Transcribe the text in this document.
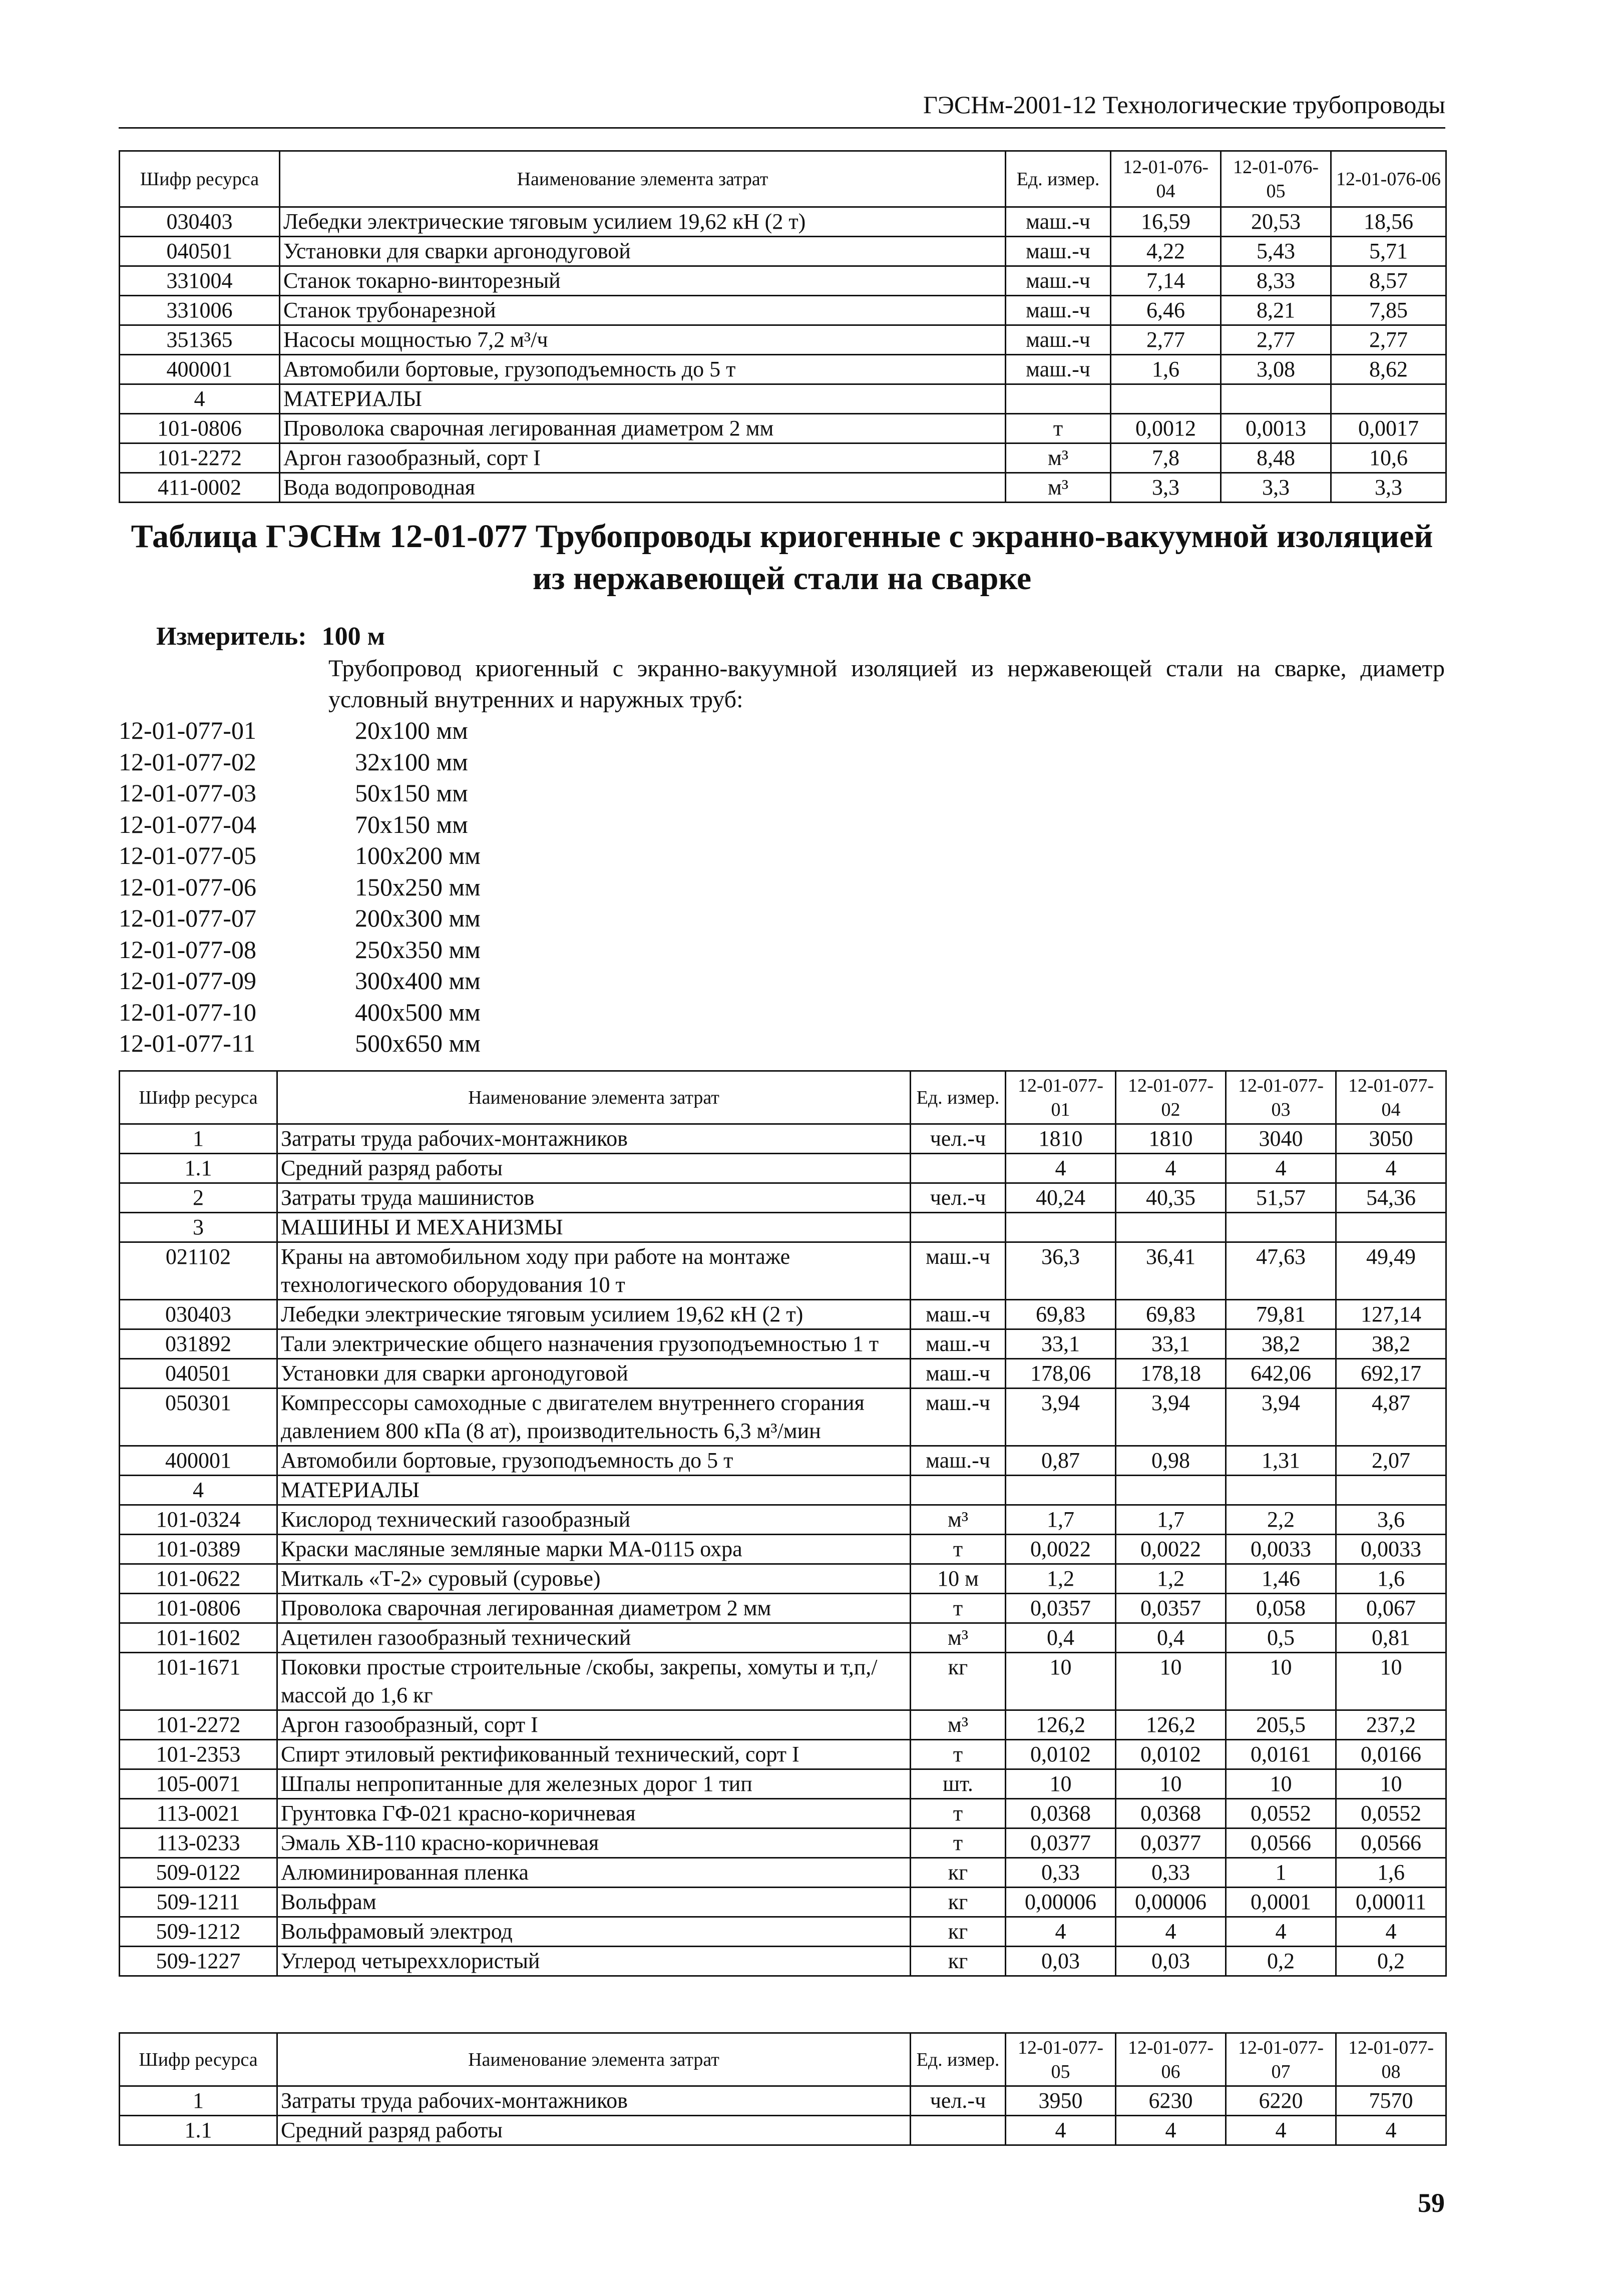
ГЭСНм-2001-12 Технологические трубопроводы
Шифр ресурса	Наименование элемента затрат	Ед. измер.	12-01-076-04	12-01-076-05	12-01-076-06
030403	Лебедки электрические тяговым усилием 19,62 кН (2 т)	маш.-ч	16,59	20,53	18,56
040501	Установки для сварки аргонодуговой	маш.-ч	4,22	5,43	5,71
331004	Станок токарно-винторезный	маш.-ч	7,14	8,33	8,57
331006	Станок трубонарезной	маш.-ч	6,46	8,21	7,85
351365	Насосы мощностью 7,2 м³/ч	маш.-ч	2,77	2,77	2,77
400001	Автомобили бортовые, грузоподъемность до 5 т	маш.-ч	1,6	3,08	8,62
4	МАТЕРИАЛЫ				
101-0806	Проволока сварочная легированная диаметром 2 мм	т	0,0012	0,0013	0,0017
101-2272	Аргон газообразный, сорт I	м³	7,8	8,48	10,6
411-0002	Вода водопроводная	м³	3,3	3,3	3,3
Таблица ГЭСНм 12-01-077 Трубопроводы криогенные с экранно-вакуумной изоляцией
из нержавеющей стали на сварке
Измеритель: 100 м
Трубопровод криогенный с экранно-вакуумной изоляцией из нержавеющей стали на сварке, диаметр условный внутренних и наружных труб:
12-01-077-01	20x100 мм
12-01-077-02	32x100 мм
12-01-077-03	50x150 мм
12-01-077-04	70x150 мм
12-01-077-05	100x200 мм
12-01-077-06	150x250 мм
12-01-077-07	200x300 мм
12-01-077-08	250x350 мм
12-01-077-09	300x400 мм
12-01-077-10	400x500 мм
12-01-077-11	500x650 мм
Шифр ресурса	Наименование элемента затрат	Ед. измер.	12-01-077-01	12-01-077-02	12-01-077-03	12-01-077-04
1	Затраты труда рабочих-монтажников	чел.-ч	1810	1810	3040	3050
1.1	Средний разряд работы		4	4	4	4
2	Затраты труда машинистов	чел.-ч	40,24	40,35	51,57	54,36
3	МАШИНЫ И МЕХАНИЗМЫ					
021102	Краны на автомобильном ходу при работе на монтаже технологического оборудования 10 т	маш.-ч	36,3	36,41	47,63	49,49
030403	Лебедки электрические тяговым усилием 19,62 кН (2 т)	маш.-ч	69,83	69,83	79,81	127,14
031892	Тали электрические общего назначения грузоподъемностью 1 т	маш.-ч	33,1	33,1	38,2	38,2
040501	Установки для сварки аргонодуговой	маш.-ч	178,06	178,18	642,06	692,17
050301	Компрессоры самоходные с двигателем внутреннего сгорания давлением 800 кПа (8 ат), производительность 6,3 м³/мин	маш.-ч	3,94	3,94	3,94	4,87
400001	Автомобили бортовые, грузоподъемность до 5 т	маш.-ч	0,87	0,98	1,31	2,07
4	МАТЕРИАЛЫ					
101-0324	Кислород технический газообразный	м³	1,7	1,7	2,2	3,6
101-0389	Краски масляные земляные марки МА-0115 охра	т	0,0022	0,0022	0,0033	0,0033
101-0622	Миткаль «Т-2» суровый (суровье)	10 м	1,2	1,2	1,46	1,6
101-0806	Проволока сварочная легированная диаметром 2 мм	т	0,0357	0,0357	0,058	0,067
101-1602	Ацетилен газообразный технический	м³	0,4	0,4	0,5	0,81
101-1671	Поковки простые строительные /скобы, закрепы, хомуты и т,п,/ массой до 1,6 кг	кг	10	10	10	10
101-2272	Аргон газообразный, сорт I	м³	126,2	126,2	205,5	237,2
101-2353	Спирт этиловый ректификованный технический, сорт I	т	0,0102	0,0102	0,0161	0,0166
105-0071	Шпалы непропитанные для железных дорог 1 тип	шт.	10	10	10	10
113-0021	Грунтовка ГФ-021 красно-коричневая	т	0,0368	0,0368	0,0552	0,0552
113-0233	Эмаль ХВ-110 красно-коричневая	т	0,0377	0,0377	0,0566	0,0566
509-0122	Алюминированная пленка	кг	0,33	0,33	1	1,6
509-1211	Вольфрам	кг	0,00006	0,00006	0,0001	0,00011
509-1212	Вольфрамовый электрод	кг	4	4	4	4
509-1227	Углерод четыреххлористый	кг	0,03	0,03	0,2	0,2
Шифр ресурса	Наименование элемента затрат	Ед. измер.	12-01-077-05	12-01-077-06	12-01-077-07	12-01-077-08
1	Затраты труда рабочих-монтажников	чел.-ч	3950	6230	6220	7570
1.1	Средний разряд работы		4	4	4	4
59
